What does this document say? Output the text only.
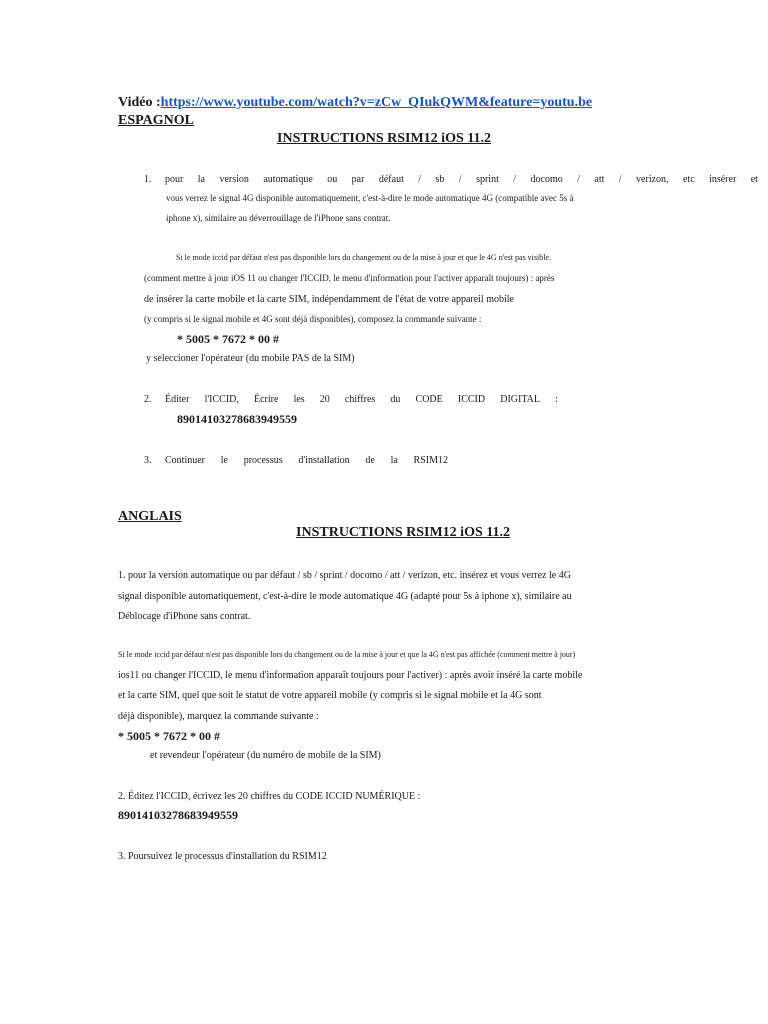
Vidéo :https://www.youtube.com/watch?v=zCw_QIukQWM&feature=youtu.be
ESPAGNOL
INSTRUCTIONS RSIM12 iOS 11.2
1. pour la version automatique ou par défaut / sb / sprint / docomo / att / verizon, etc insérer et
vous verrez le signal 4G disponible automatiquement, c'est-à-dire le mode automatique 4G (compatible avec 5s à
iphone x), similaire au déverrouillage de l'iPhone sans contrat.
Si le mode iccid par défaut n'est pas disponible lors du changement ou de la mise à jour et que le 4G n'est pas visible.
(comment mettre à jour iOS 11 ou changer l'ICCID, le menu d'information pour l'activer apparaît toujours) : après
de insérer la carte mobile et la carte SIM, indépendamment de l'état de votre appareil mobile
(y compris si le signal mobile et 4G sont déjà disponibles), composez la commande suivante :
* 5005 * 7672 * 00 #
y seleccioner l'opérateur (du mobile PAS de la SIM)
2. Éditer l'ICCID, Écrire les 20 chiffres du CODE ICCID DIGITAL :
89014103278683949559
3. Continuer le processus d'installation de la RSIM12
ANGLAIS
INSTRUCTIONS RSIM12 iOS 11.2
1. pour la version automatique ou par défaut / sb / sprint / docomo / att / verizon, etc. insérez et vous verrez le 4G
signal disponible automatiquement, c'est-à-dire le mode automatique 4G (adapté pour 5s à iphone x), similaire au
Déblocage d'iPhone sans contrat.
Si le mode iccid par défaut n'est pas disponible lors du changement ou de la mise à jour et que la 4G n'est pas affichée (comment mettre à jour)
ios11 ou changer l'ICCID, le menu d'information apparaît toujours pour l'activer) : après avoir inséré la carte mobile
et la carte SIM, quel que soit le statut de votre appareil mobile (y compris si le signal mobile et la 4G sont
déjà disponible), marquez la commande suivante :
* 5005 * 7672 * 00 #
et revendeur l'opérateur (du numéro de mobile de la SIM)
2. Éditez l'ICCID, écrivez les 20 chiffres du CODE ICCID NUMÉRIQUE :
89014103278683949559
3. Poursuivez le processus d'installation du RSIM12
